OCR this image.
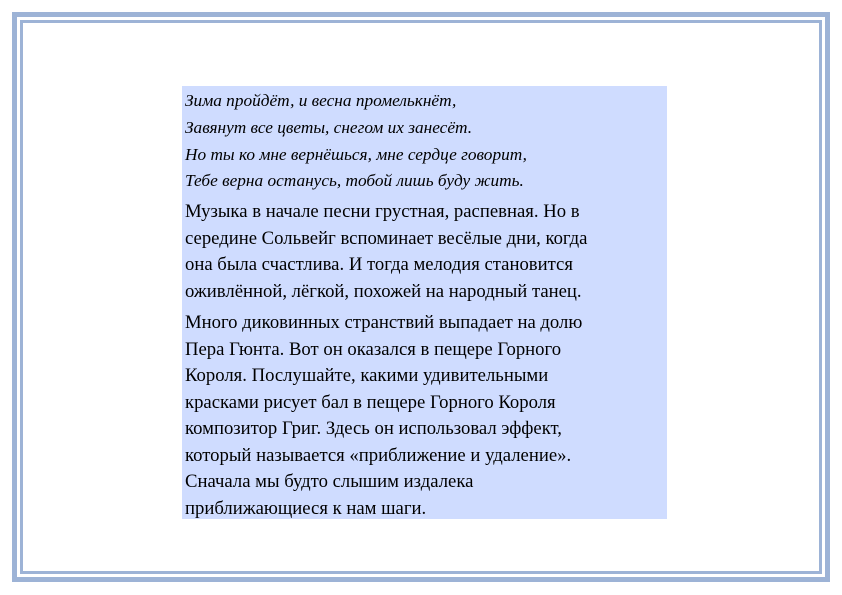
Зима пройдёт, и весна промелькнёт,
Завянут все цветы, снегом их занесёт.
Но ты ко мне вернёшься, мне сердце говорит,
Тебе верна останусь, тобой лишь буду жить.
Музыка в начале песни грустная, распевная. Но в
середине Сольвейг вспоминает весёлые дни, когда
она была счастлива. И тогда мелодия становится
оживлённой, лёгкой, похожей на народный танец.
Много диковинных странствий выпадает на долю
Пера Гюнта. Вот он оказался в пещере Горного
Короля. Послушайте, какими удивительными
красками рисует бал в пещере Горного Короля
композитор Григ. Здесь он использовал эффект,
который называется «приближение и удаление».
Сначала мы будто слышим издалека
приближающиеся к нам шаги.
